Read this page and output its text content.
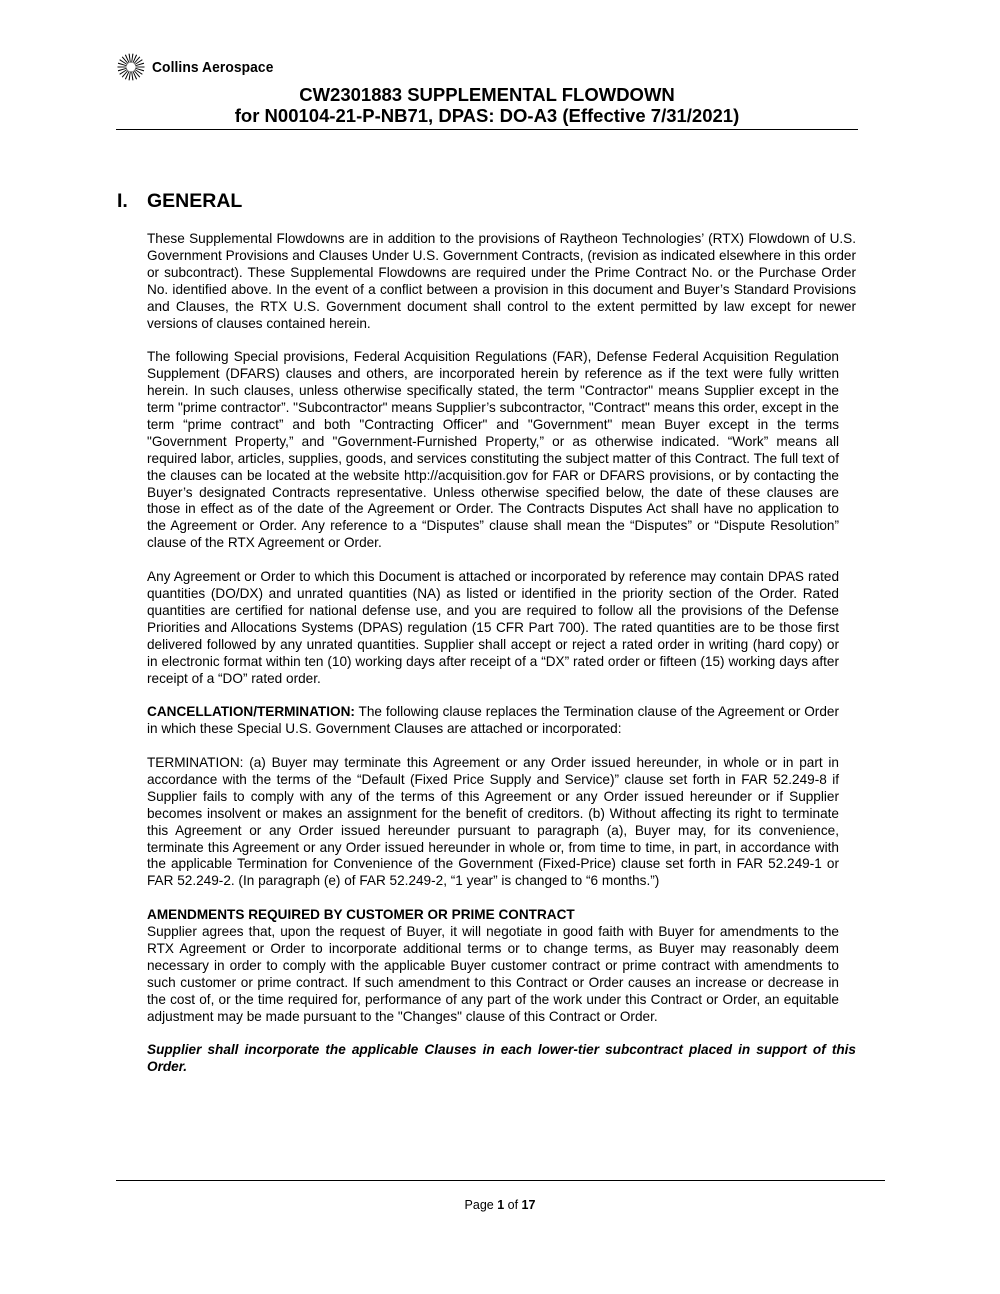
Collins Aerospace
CW2301883 SUPPLEMENTAL FLOWDOWN
for N00104-21-P-NB71, DPAS: DO-A3 (Effective 7/31/2021)
I. GENERAL

These Supplemental Flowdowns are in addition to the provisions of Raytheon Technologies’ (RTX) Flowdown of U.S. Government Provisions and Clauses Under U.S. Government Contracts, (revision as indicated elsewhere in this order or subcontract). These Supplemental Flowdowns are required under the Prime Contract No. or the Purchase Order No. identified above. In the event of a conflict between a provision in this document and Buyer’s Standard Provisions and Clauses, the RTX U.S. Government document shall control to the extent permitted by law except for newer versions of clauses contained herein.

The following Special provisions, Federal Acquisition Regulations (FAR), Defense Federal Acquisition Regulation Supplement (DFARS) clauses and others, are incorporated herein by reference as if the text were fully written herein. In such clauses, unless otherwise specifically stated, the term "Contractor" means Supplier except in the term "prime contractor”. "Subcontractor" means Supplier’s subcontractor, "Contract" means this order, except in the term “prime contract” and both "Contracting Officer" and "Government" mean Buyer except in the terms "Government Property,” and "Government-Furnished Property,” or as otherwise indicated. “Work” means all required labor, articles, supplies, goods, and services constituting the subject matter of this Contract. The full text of the clauses can be located at the website http://acquisition.gov for FAR or DFARS provisions, or by contacting the Buyer’s designated Contracts representative. Unless otherwise specified below, the date of these clauses are those in effect as of the date of the Agreement or Order. The Contracts Disputes Act shall have no application to the Agreement or Order. Any reference to a “Disputes” clause shall mean the “Disputes” or “Dispute Resolution” clause of the RTX Agreement or Order.

Any Agreement or Order to which this Document is attached or incorporated by reference may contain DPAS rated quantities (DO/DX) and unrated quantities (NA) as listed or identified in the priority section of the Order. Rated quantities are certified for national defense use, and you are required to follow all the provisions of the Defense Priorities and Allocations Systems (DPAS) regulation (15 CFR Part 700). The rated quantities are to be those first delivered followed by any unrated quantities. Supplier shall accept or reject a rated order in writing (hard copy) or in electronic format within ten (10) working days after receipt of a “DX” rated order or fifteen (15) working days after receipt of a “DO” rated order.

CANCELLATION/TERMINATION: The following clause replaces the Termination clause of the Agreement or Order in which these Special U.S. Government Clauses are attached or incorporated:

TERMINATION: (a) Buyer may terminate this Agreement or any Order issued hereunder, in whole or in part in accordance with the terms of the “Default (Fixed Price Supply and Service)” clause set forth in FAR 52.249-8 if Supplier fails to comply with any of the terms of this Agreement or any Order issued hereunder or if Supplier becomes insolvent or makes an assignment for the benefit of creditors. (b) Without affecting its right to terminate this Agreement or any Order issued hereunder pursuant to paragraph (a), Buyer may, for its convenience, terminate this Agreement or any Order issued hereunder in whole or, from time to time, in part, in accordance with the applicable Termination for Convenience of the Government (Fixed-Price) clause set forth in FAR 52.249-1 or FAR 52.249-2. (In paragraph (e) of FAR 52.249-2, “1 year” is changed to “6 months.”)

AMENDMENTS REQUIRED BY CUSTOMER OR PRIME CONTRACT
Supplier agrees that, upon the request of Buyer, it will negotiate in good faith with Buyer for amendments to the RTX Agreement or Order to incorporate additional terms or to change terms, as Buyer may reasonably deem necessary in order to comply with the applicable Buyer customer contract or prime contract with amendments to such customer or prime contract. If such amendment to this Contract or Order causes an increase or decrease in the cost of, or the time required for, performance of any part of the work under this Contract or Order, an equitable adjustment may be made pursuant to the "Changes" clause of this Contract or Order.

Supplier shall incorporate the applicable Clauses in each lower-tier subcontract placed in support of this Order.

Page 1 of 17
